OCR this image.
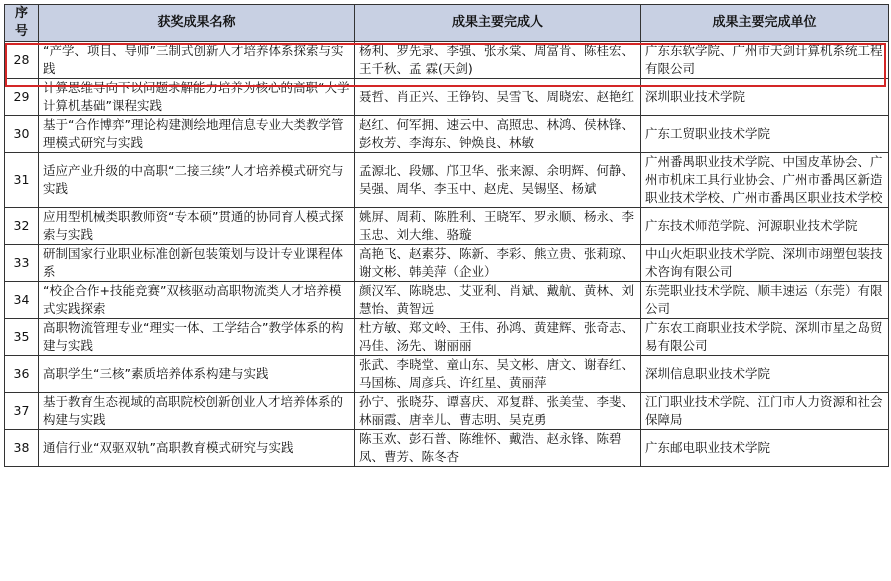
序号	获奖成果名称	成果主要完成人	成果主要完成单位
28	“产学、项目、导师”三制式创新人才培养体系探索与实践	杨利、罗先录、李强、张永棠、周富肯、陈桂宏、王千秋、孟 霖(天剑)	广东东软学院、广州市天剑计算机系统工程有限公司
29	计算思维导向下以问题求解能力培养为核心的高职“大学计算机基础”课程实践	聂哲、肖正兴、王铮钧、吴雪飞、周晓宏、赵艳红	深圳职业技术学院
30	基于“合作博弈”理论构建测绘地理信息专业大类教学管理模式研究与实践	赵红、何军拥、速云中、高照忠、林鸿、侯林锋、彭枚芳、李海东、钟焕良、林敏	广东工贸职业技术学院
31	适应产业升级的中高职“二接三续”人才培养模式研究与实践	孟源北、段娜、邝卫华、张来源、余明辉、何静、吴强、周华、李玉中、赵虎、吴锡坚、杨斌	广州番禺职业技术学院、中国皮革协会、广州市机床工具行业协会、广州市番禺区新造职业技术学校、广州市番禺区职业技术学校
32	应用型机械类职教师资“专本硕”贯通的协同育人模式探索与实践	姚屏、周莉、陈胜利、王晓军、罗永顺、杨永、李玉忠、刘大维、骆璇	广东技术师范学院、河源职业技术学院
33	研制国家行业职业标准创新包装策划与设计专业课程体系	高艳飞、赵素芬、陈新、李彩、熊立贵、张莉琼、谢文彬、韩美萍（企业）	中山火炬职业技术学院、深圳市翊塑包装技术咨询有限公司
34	“校企合作+技能竞赛”双核驱动高职物流类人才培养模式实践探索	颜汉军、陈晓忠、艾亚利、肖斌、戴航、黄林、刘慧怡、黄智远	东莞职业技术学院、顺丰速运（东莞）有限公司
35	高职物流管理专业“理实一体、工学结合”教学体系的构建与实践	杜方敏、郑文岭、王伟、孙鸿、黄建辉、张奇志、冯佳、汤先、谢丽丽	广东农工商职业技术学院、深圳市星之岛贸易有限公司
36	高职学生“三核”素质培养体系构建与实践	张武、李晓堂、童山东、吴文彬、唐文、谢春红、马国栋、周彦兵、许红星、黄丽萍	深圳信息职业技术学院
37	基于教育生态视域的高职院校创新创业人才培养体系的构建与实践	孙宁、张晓芬、谭喜庆、邓复群、张美莹、李斐、林丽霞、唐幸儿、曹志明、吴克勇	江门职业技术学院、江门市人力资源和社会保障局
38	通信行业“双驱双轨”高职教育模式研究与实践	陈玉欢、彭石普、陈维怀、戴浩、赵永锋、陈碧凤、曹芳、陈冬杏	广东邮电职业技术学院
